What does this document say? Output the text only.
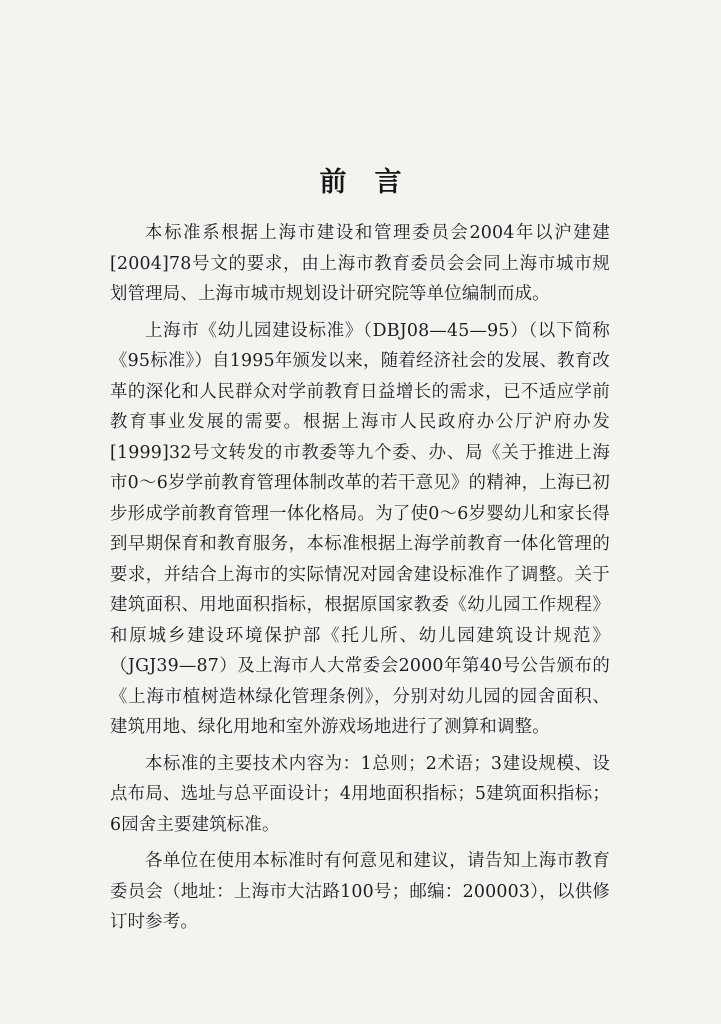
前言

本标准系根据上海市建设和管理委员会2004年以沪建建[2004]78号文的要求，由上海市教育委员会会同上海市城市规划管理局、上海市城市规划设计研究院等单位编制而成。

上海市《幼儿园建设标准》（DBJ08—45—95）（以下简称《95标准》）自1995年颁发以来，随着经济社会的发展、教育改革的深化和人民群众对学前教育日益增长的需求，已不适应学前教育事业发展的需要。根据上海市人民政府办公厅沪府办发[1999]32号文转发的市教委等九个委、办、局《关于推进上海市0～6岁学前教育管理体制改革的若干意见》的精神，上海已初步形成学前教育管理一体化格局。为了使0～6岁婴幼儿和家长得到早期保育和教育服务，本标准根据上海学前教育一体化管理的要求，并结合上海市的实际情况对园舍建设标准作了调整。关于建筑面积、用地面积指标，根据原国家教委《幼儿园工作规程》和原城乡建设环境保护部《托儿所、幼儿园建筑设计规范》（JGJ39—87）及上海市人大常委会2000年第40号公告颁布的《上海市植树造林绿化管理条例》，分别对幼儿园的园舍面积、建筑用地、绿化用地和室外游戏场地进行了测算和调整。

本标准的主要技术内容为：1总则；2术语；3建设规模、设点布局、选址与总平面设计；4用地面积指标；5建筑面积指标；6园舍主要建筑标准。

各单位在使用本标准时有何意见和建议，请告知上海市教育委员会（地址：上海市大沽路100号；邮编：200003），以供修订时参考。
